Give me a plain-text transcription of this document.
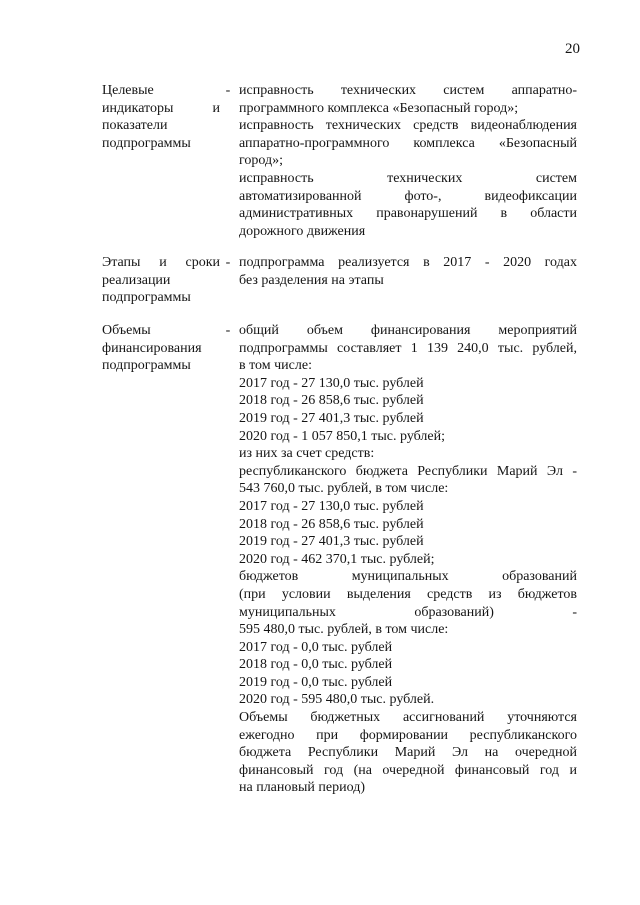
20
Целевые
индикаторы и
показатели
подпрограммы
- исправность технических систем аппаратно-
программного комплекса «Безопасный город»;
исправность технических средств видеонаблюдения
аппаратно-программного комплекса «Безопасный
город»;
исправность технических систем
автоматизированной фото-, видеофиксации
административных правонарушений в области
дорожного движения
Этапы и сроки
реализации
подпрограммы
- подпрограмма реализуется в 2017 - 2020 годах
без разделения на этапы
Объемы
финансирования
подпрограммы
- общий объем финансирования мероприятий
подпрограммы составляет 1 139 240,0 тыс. рублей,
в том числе:
2017 год - 27 130,0 тыс. рублей
2018 год - 26 858,6 тыс. рублей
2019 год - 27 401,3 тыс. рублей
2020 год - 1 057 850,1 тыс. рублей;
из них за счет средств:
республиканского бюджета Республики Марий Эл -
543 760,0 тыс. рублей, в том числе:
2017 год - 27 130,0 тыс. рублей
2018 год - 26 858,6 тыс. рублей
2019 год - 27 401,3 тыс. рублей
2020 год - 462 370,1 тыс. рублей;
бюджетов муниципальных образований
(при условии выделения средств из бюджетов
муниципальных образований) -
595 480,0 тыс. рублей, в том числе:
2017 год - 0,0 тыс. рублей
2018 год - 0,0 тыс. рублей
2019 год - 0,0 тыс. рублей
2020 год - 595 480,0 тыс. рублей.
Объемы бюджетных ассигнований уточняются
ежегодно при формировании республиканского
бюджета Республики Марий Эл на очередной
финансовый год (на очередной финансовый год и
на плановый период)
